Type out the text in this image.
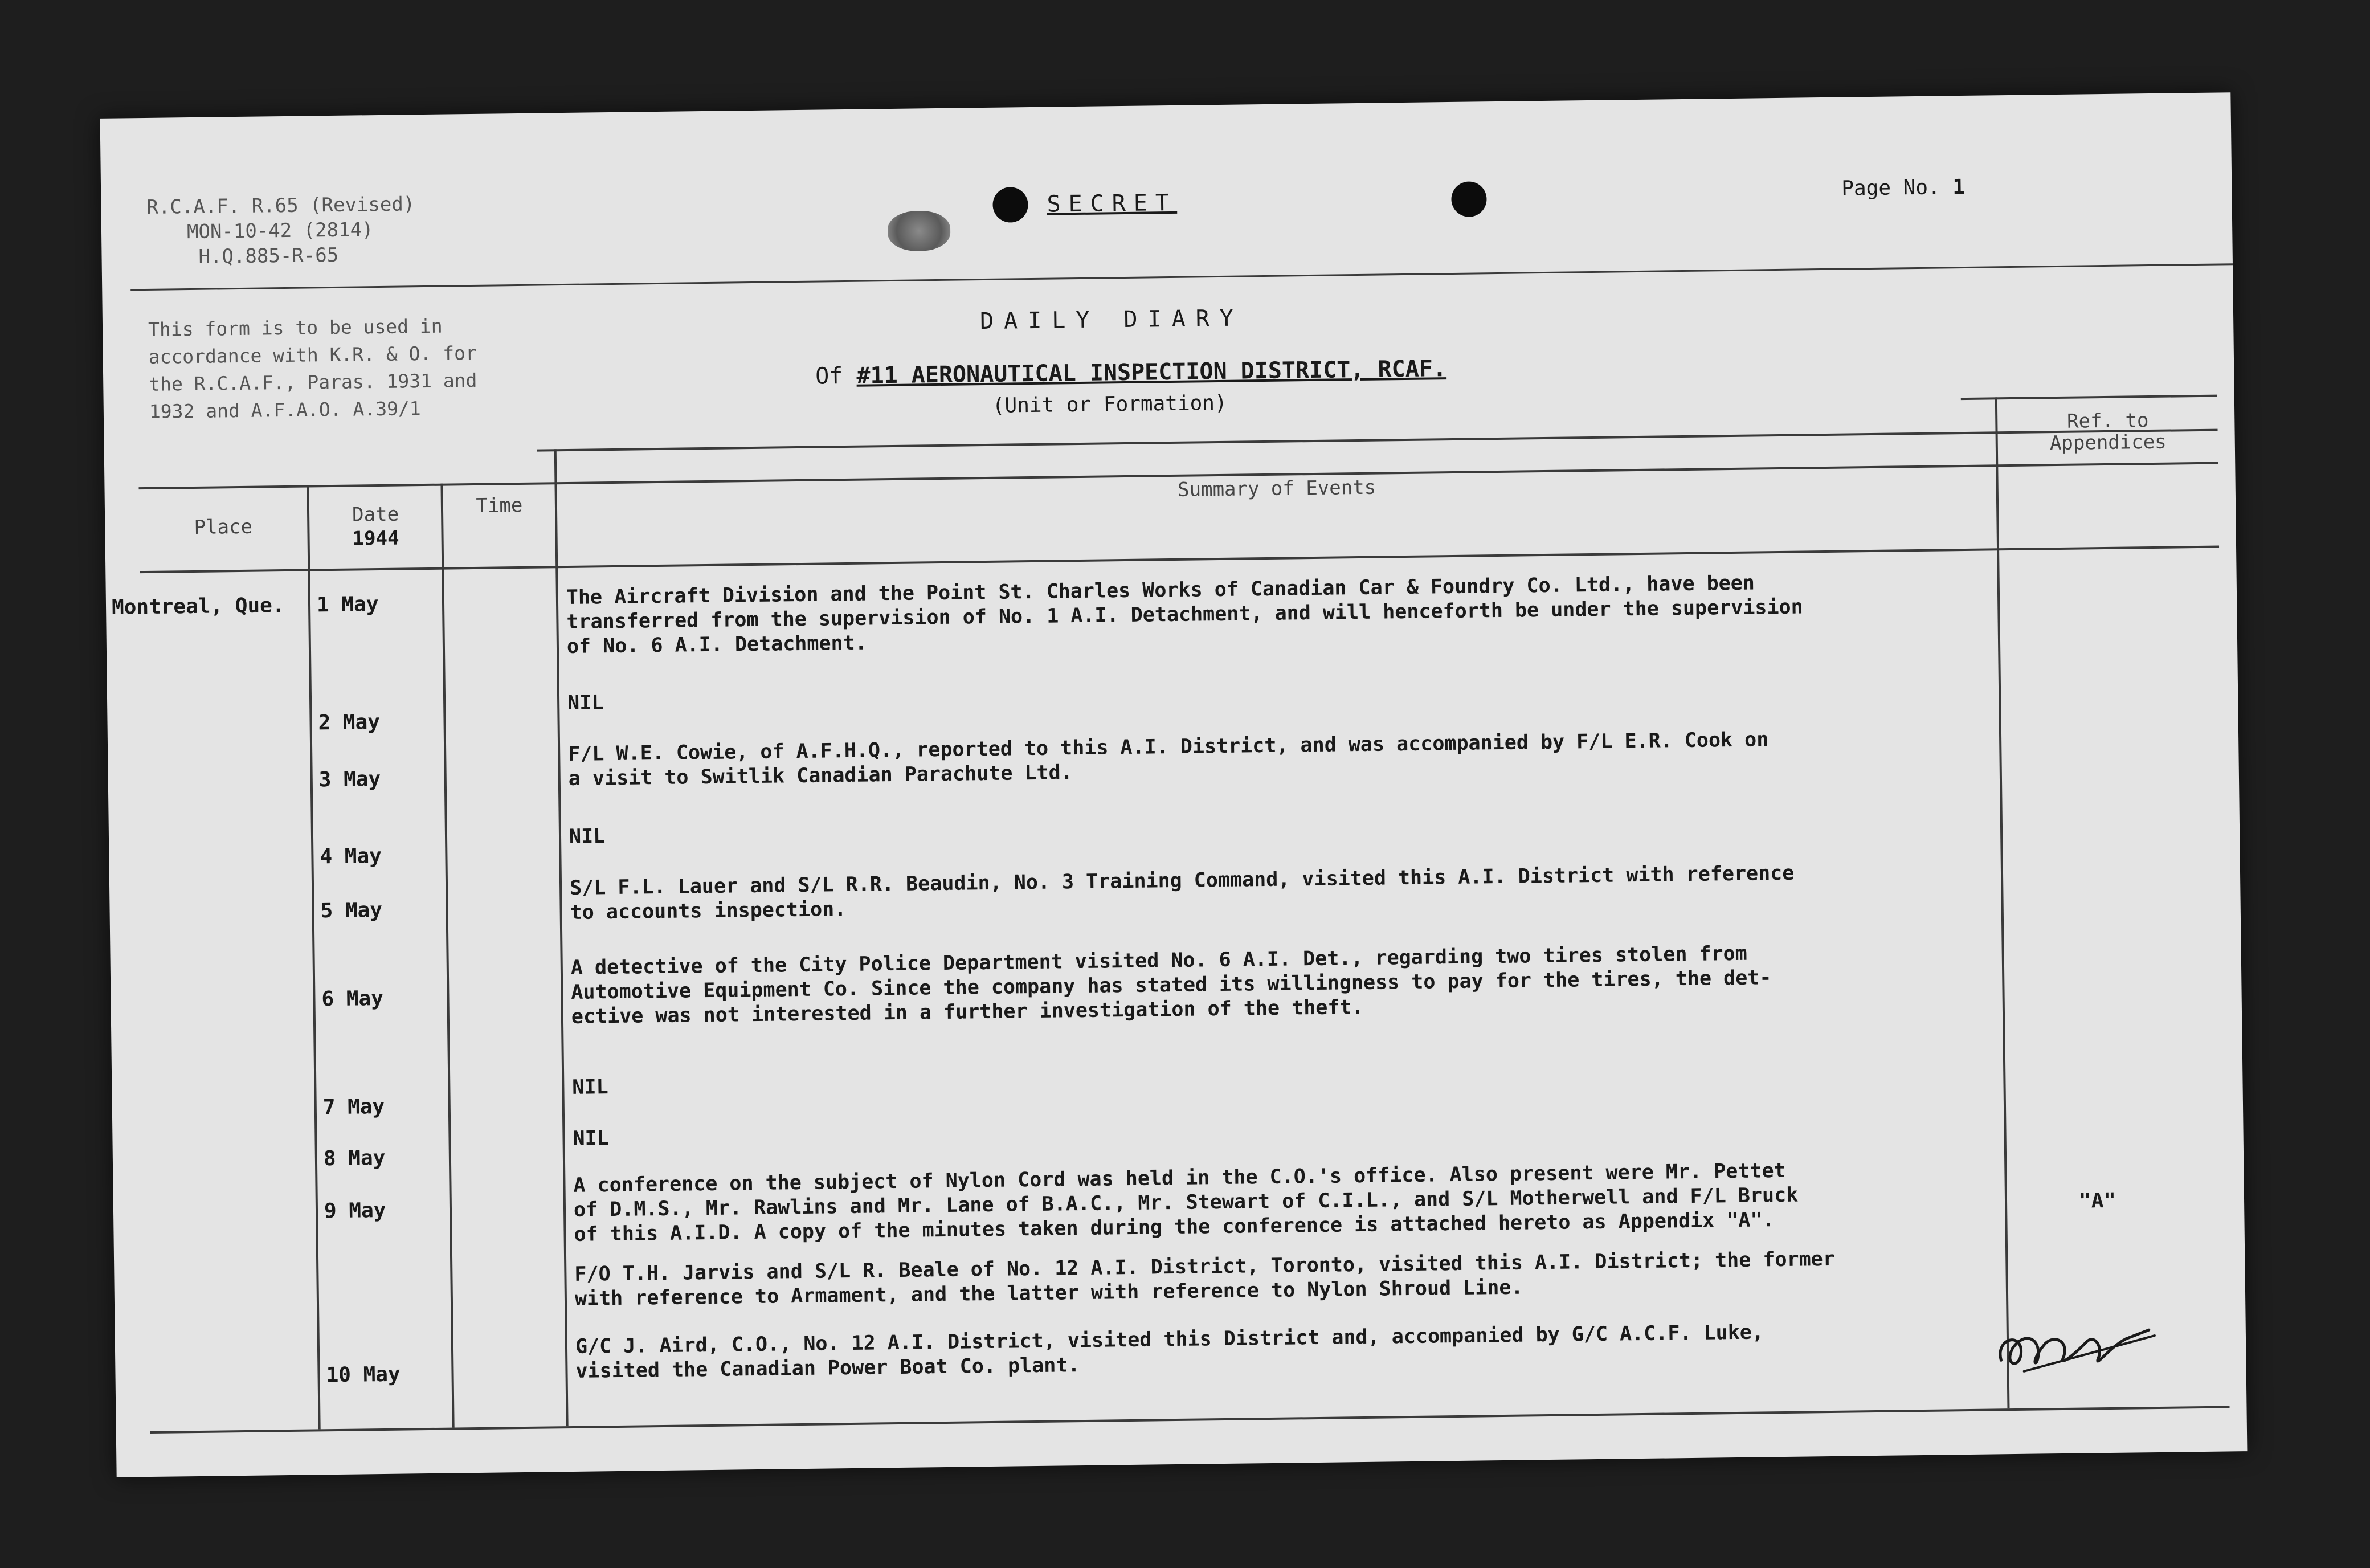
R.C.A.F. R.65 (Revised)
MON-10-42 (2814)
H.Q.885-R-65
SECRET
Page No. 1
This form is to be used in
accordance with K.R. & O. for
the R.C.A.F., Paras. 1931 and
1932 and A.F.A.O. A.39/1
DAILY DIARY
Of #11 AERONAUTICAL INSPECTION DISTRICT, RCAF.
(Unit or Formation)
Place
Date
1944
Time
Summary of Events
Ref. to
Appendices
Montreal, Que. 1 May	The Aircraft Division and the Point St. Charles Works of Canadian Car & Foundry Co. Ltd., have been
transferred from the supervision of No. 1 A.I. Detachment, and will henceforth be under the supervision
of No. 6 A.I. Detachment.
2 May
NIL
3 May
F/L W.E. Cowie, of A.F.H.Q., reported to this A.I. District, and was accompanied by F/L E.R. Cook on
a visit to Switlik Canadian Parachute Ltd.
4 May
NIL
5 May
S/L F.L. Lauer and S/L R.R. Beaudin, No. 3 Training Command, visited this A.I. District with reference
to accounts inspection.
6 May
A detective of the City Police Department visited No. 6 A.I. Det., regarding two tires stolen from
Automotive Equipment Co. Since the company has stated its willingness to pay for the tires, the det-
ective was not interested in a further investigation of the theft.
7 May
NIL
8 May
NIL
9 May
A conference on the subject of Nylon Cord was held in the C.O.'s office. Also present were Mr. Pettet
of D.M.S., Mr. Rawlins and Mr. Lane of B.A.C., Mr. Stewart of C.I.L., and S/L Motherwell and F/L Bruck
of this A.I.D. A copy of the minutes taken during the conference is attached hereto as Appendix "A".
"A"
F/O T.H. Jarvis and S/L R. Beale of No. 12 A.I. District, Toronto, visited this A.I. District; the former
with reference to Armament, and the latter with reference to Nylon Shroud Line.
10 May
G/C J. Aird, C.O., No. 12 A.I. District, visited this District and, accompanied by G/C A.C.F. Luke,
visited the Canadian Power Boat Co. plant.
